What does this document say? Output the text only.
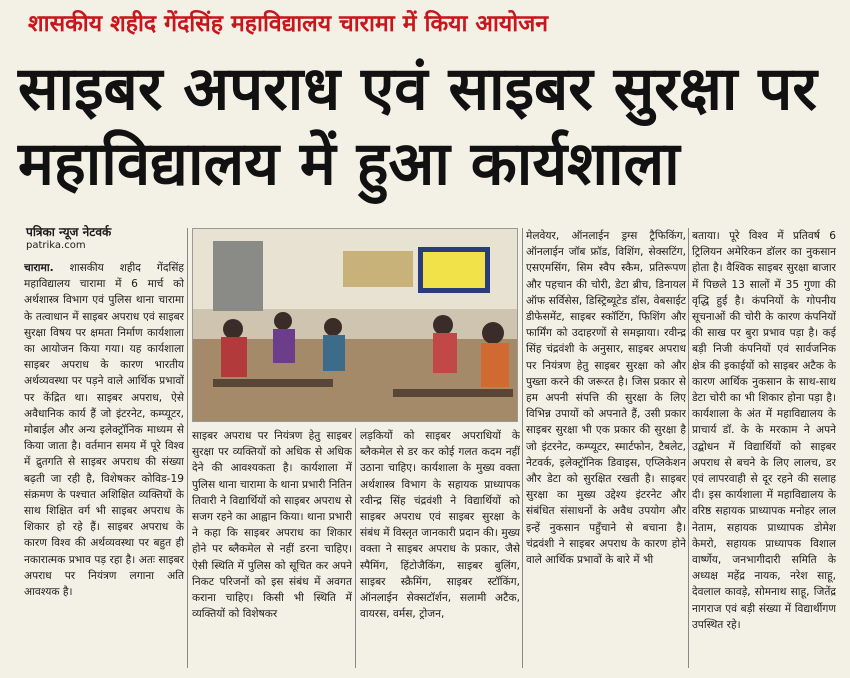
शासकीय शहीद गेंदसिंह महाविद्यालय चारामा में किया आयोजन
साइबर अपराध एवं साइबर सुरक्षा पर महाविद्यालय में हुआ कार्यशाला
पत्रिका न्यूज नेटवर्क
patrika.com
चारामा. शासकीय शहीद गेंदसिंह महाविद्यालय चारामा में 6 मार्च को अर्थशास्त्र विभाग एवं पुलिस थाना चारामा के तत्वाधान में साइबर अपराध एवं साइबर सुरक्षा विषय पर क्षमता निर्माण कार्यशाला का आयोजन किया गया। यह कार्यशाला साइबर अपराध के कारण भारतीय अर्थव्यवस्था पर पड़ने वाले आर्थिक प्रभावों पर केंद्रित था। साइबर अपराध, ऐसे अवैधानिक कार्य हैं जो इंटरनेट, कम्प्यूटर, मोबाईल और अन्य इलेक्ट्रॉनिक माध्यम से किया जाता है। वर्तमान समय में पूरे विश्व में द्रुतगति से साइबर अपराध की संख्या बढ़ती जा रही है, विशेषकर कोविड-19 संक्रमण के पश्चात अशिक्षित व्यक्तियों के साथ शिक्षित वर्ग भी साइबर अपराध के शिकार हो रहे हैं। साइबर अपराध के कारण विश्व की अर्थव्यवस्था पर बहुत ही नकारात्मक प्रभाव पड़ रहा है। अतः साइबर अपराध पर नियंत्रण लगाना अति आवश्यक है।
साइबर अपराध पर नियंत्रण हेतु साइबर सुरक्षा पर व्यक्तियों को अधिक से अधिक देने की आवश्यकता है। कार्यशाला में पुलिस थाना चारामा के थाना प्रभारी नितिन तिवारी ने विद्यार्थियों को साइबर अपराध से सजग रहने का आह्वान किया। थाना प्रभारी ने कहा कि साइबर अपराध का शिकार होने पर ब्लैकमेल से नहीं डरना चाहिए। ऐसी स्थिति में पुलिस को सूचित कर अपने निकट परिजनों को इस संबंध में अवगत कराना चाहिए। किसी भी स्थिति में व्यक्तियों को विशेषकर
लड़कियों को साइबर अपराधियों के ब्लैकमेल से डर कर कोई गलत कदम नहीं उठाना चाहिए। कार्यशाला के मुख्य वक्ता अर्थशास्त्र विभाग के सहायक प्राध्यापक रवीन्द्र सिंह चंद्रवंशी ने विद्यार्थियों को साइबर अपराध एवं साइबर सुरक्षा के संबंध में विस्तृत जानकारी प्रदान की। मुख्य वक्ता ने साइबर अपराध के प्रकार, जैसे स्पैमिंग, हिंटोजैकिंग, साइबर बुलिंग, साइबर स्क्रैमिंग, साइबर स्टॉकिंग, ऑनलाईन सेक्सटॉर्शन, सलामी अटैक, वायरस, वर्मस, ट्रोजन,
मेलवेयर, ऑनलाईन ड्रग्स ट्रैफिकिंग, ऑनलाईन जॉब फ्रॉड, विशिंग, सेक्सटिंग, एसएमसिंग, सिम स्वैप स्कैम, प्रतिरूपण और पहचान की चोरी, डेटा ब्रीच, डिनायल ऑफ सर्विसेस, डिस्ट्रिब्यूटेड डॉस, वेबसाईट डीफेसमेंट, साइबर स्कॉटिंग, फिशिंग और फार्मिंग को उदाहरणों से समझाया। रवीन्द्र सिंह चंद्रवंशी के अनुसार, साइबर अपराध पर नियंत्रण हेतु साइबर सुरक्षा को और पुख्ता करने की जरूरत है। जिस प्रकार से हम अपनी संपत्ति की सुरक्षा के लिए विभिन्न उपायों को अपनाते हैं, उसी प्रकार साइबर सुरक्षा भी एक प्रकार की सुरक्षा है जो इंटरनेट, कम्प्यूटर, स्मार्टफोन, टैबलेट, नेटवर्क, इलेक्ट्रॉनिक डिवाइस, एप्लिकेशन और डेटा को सुरक्षित रखती है। साइबर सुरक्षा का मुख्य उद्देश्य इंटरनेट और संबंधित संसाधनों के अवैध उपयोग और इन्हें नुकसान पहुँचाने से बचाना है। चंद्रवंशी ने साइबर अपराध के कारण होने वाले आर्थिक प्रभावों के बारे में भी
बताया। पूरे विश्व में प्रतिवर्ष 6 ट्रिलियन अमेरिकन डॉलर का नुकसान होता है। वैश्विक साइबर सुरक्षा बाजार में पिछले 13 सालों में 35 गुणा की वृद्धि हुई है। कंपनियों के गोपनीय सूचनाओं की चोरी के कारण कंपनियों की साख पर बुरा प्रभाव पड़ा है। कई बड़ी निजी कंपनियों एवं सार्वजनिक क्षेत्र की इकाईयों को साइबर अटैक के कारण आर्थिक नुकसान के साथ-साथ डेटा चोरी का भी शिकार होना पड़ा है। कार्यशाला के अंत में महाविद्यालय के प्राचार्य डॉ. के के मरकाम ने अपने उद्बोधन में विद्यार्थियों को साइबर अपराध से बचने के लिए लालच, डर एवं लापरवाही से दूर रहने की सलाह दी। इस कार्यशाला में महाविद्यालय के वरिष्ठ सहायक प्राध्यापक मनोहर लाल नेताम, सहायक प्राध्यापक डोमेश केमरो, सहायक प्राध्यापक विशाल वार्ष्णेय, जनभागीदारी समिति के अध्यक्ष महेंद्र नायक, नरेश साहू, देवलाल कावड़े, सोमनाथ साहू, जितेंद्र नागराज एवं बड़ी संख्या में विद्यार्थीगण उपस्थित रहे।
